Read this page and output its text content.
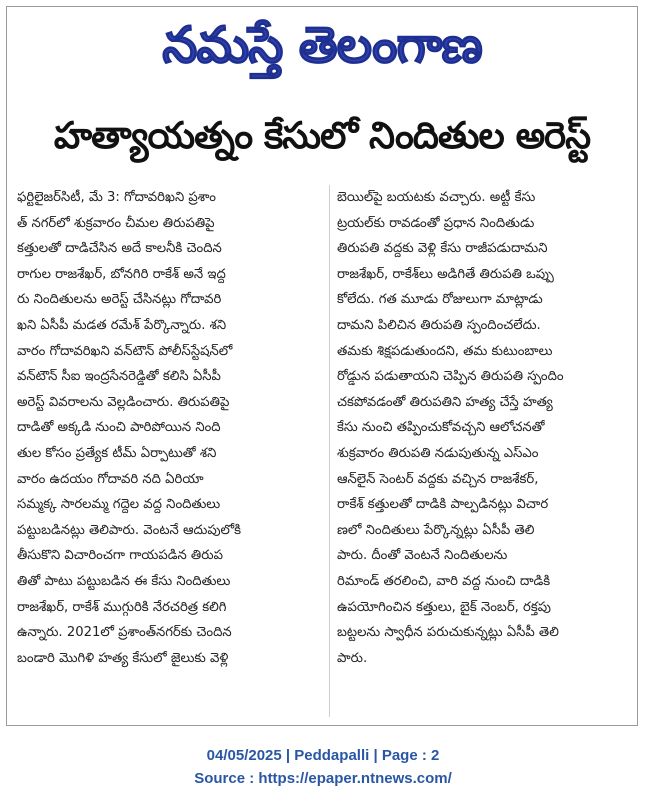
నమస్తే తెలంగాణ
హత్యాయత్నం కేసులో నిందితుల అరెస్ట్
ఫర్టిలైజర్‌సిటీ, మే 3: గోదావరిఖని ప్రశాం
త్‌ నగర్‌లో శుక్రవారం చీమల తిరుపతిపై
కత్తులతో దాడిచేసిన అదే కాలనీకి చెందిన
రాగుల రాజశేఖర్‌, బోనగిరి రాకేశ్‌ అనే ఇద్ద
రు నిందితులను అరెస్ట్‌ చేసినట్లు గోదావరి
ఖని ఏసీపీ మడత రమేశ్‌ పేర్కొన్నారు. శని
వారం గోదావరిఖని వన్‌టౌన్‌ పోలీస్‌స్టేషన్‌లో
వన్‌టౌన్‌ సీఐ ఇంద్రసేనరెడ్డితో కలిసి ఏసీపీ
అరెస్ట్‌ వివరాలను వెల్లడించారు. తిరుపతిపై
దాడితో అక్కడి నుంచి పారిపోయిన నింది
తుల కోసం ప్రత్యేక టీమ్‌ ఏర్పాటుతో శని
వారం ఉదయం గోదావరి నది ఏరియా
సమ్మక్క సారలమ్మ గద్దెల వద్ద నిందితులు
పట్టుబడినట్లు తెలిపారు. వెంటనే ఆదుపులోకి
తీసుకొని విచారించగా గాయపడిన తిరుప
తితో పాటు పట్టుబడిన ఈ కేసు నిందితులు
రాజశేఖర్‌, రాకేశ్‌ ముగ్గురికి నేరచరిత్ర కలిగి
ఉన్నారు. 2021లో ప్రశాంత్‌నగర్‌కు చెందిన
బండారి మొగిళి హత్య కేసులో జైలుకు వెళ్లి
బెయిల్‌పై బయటకు వచ్చారు. అట్టీ కేసు
ట్రయల్‌కు రావడంతో ప్రధాన నిందితుడు
తిరుపతి వద్దకు వెళ్లి కేసు రాజీపడుదామని
రాజశేఖర్‌, రాకేశ్‌లు అడిగితే తిరుపతి ఒప్పు
కోలేదు. గత మూడు రోజులుగా మాట్లాడు
దామని పిలిచిన తిరుపతి స్పందించలేదు.
తమకు శిక్షపడుతుందని, తమ కుటుంబాలు
రోడ్డున పడుతాయని చెప్పిన తిరుపతి స్పందిం
చకపోవడంతో తిరుపతిని హత్య చేస్తే హత్య
కేసు నుంచి తప్పించుకోవచ్చని ఆలోచనతో
శుక్రవారం తిరుపతి నడుపుతున్న ఎస్‌ఎం
ఆన్‌లైన్‌ సెంటర్‌ వద్దకు వచ్చిన రాజశేకర్‌,
రాకేశ్‌ కత్తులతో దాడికి పాల్పడినట్లు విచార
ణలో నిందితులు పేర్కొన్నట్లు ఏసీపీ తెలి
పారు. దీంతో వెంటనే నిందితులను
రిమాండ్‌ తరలించి, వారి వద్ద నుంచి దాడికి
ఉపయోగించిన కత్తులు, బైక్‌ నెంబర్‌, రక్తపు
బట్టలను స్వాధీన పరుచుకున్నట్లు ఏసీపీ తెలి
పారు.
04/05/2025 | Peddapalli | Page : 2
Source : https://epaper.ntnews.com/
